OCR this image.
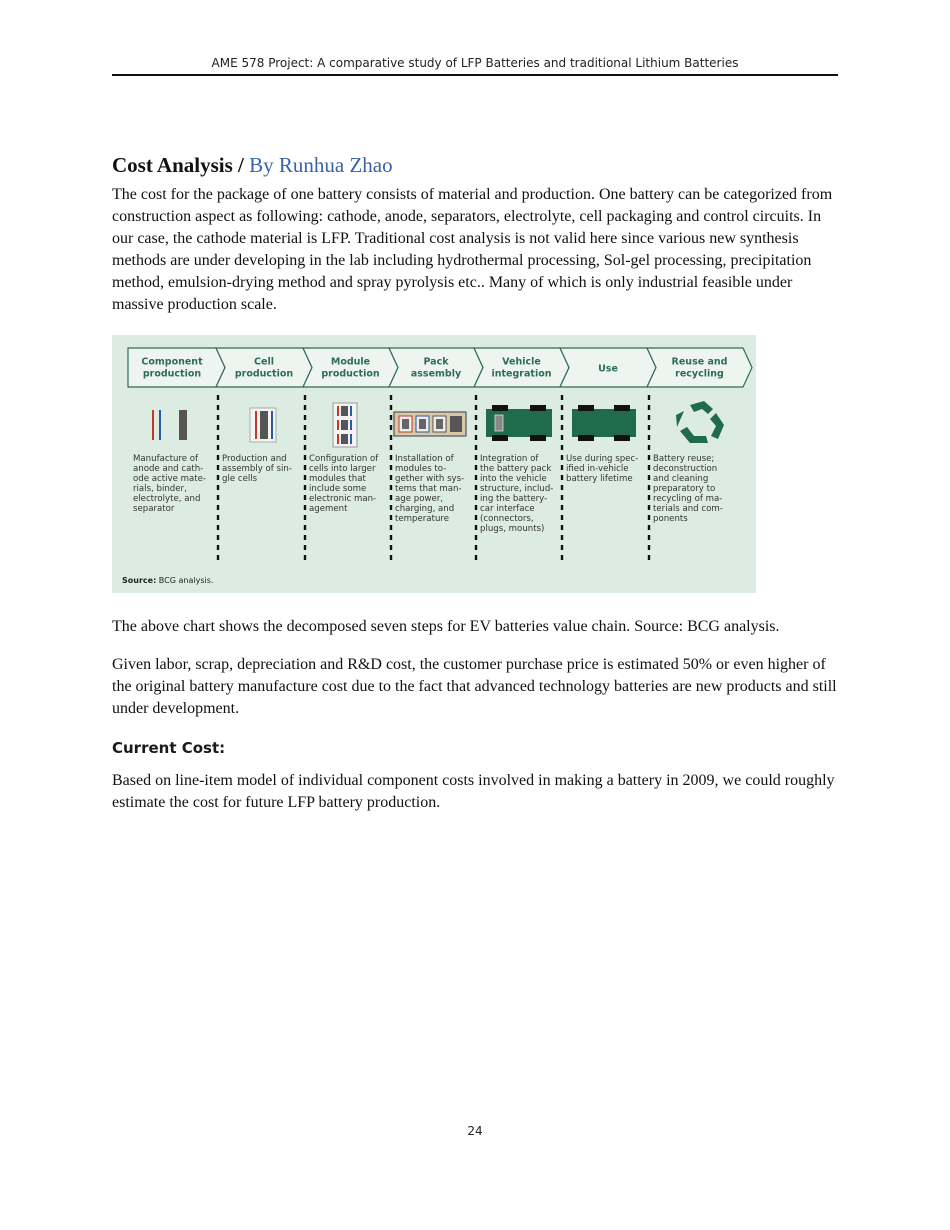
AME 578 Project: A comparative study of LFP Batteries and traditional Lithium Batteries
Cost Analysis / By Runhua Zhao

The cost for the package of one battery consists of material and production. One battery can be categorized from construction aspect as following: cathode, anode, separators, electrolyte, cell packaging and control circuits. In our case, the cathode material is LFP. Traditional cost analysis is not valid here since various new synthesis methods are under developing in the lab including hydrothermal processing, Sol-gel processing, precipitation method, emulsion-drying method and spray pyrolysis etc.. Many of which is only industrial feasible under massive production scale.

Component
production
Cell
production
Module
production
Pack
assembly
Vehicle
integration	Use
Reuse and
recycling
Manufacture of
anode and cath-
ode active mate-
rials, binder,
electrolyte, and
separator
Production and
assembly of sin-
gle cells
Configuration of
cells into larger
modules that
include some
electronic man-
agement
Installation of
modules to-
gether with sys-
tems that man-
age power,
charging, and
temperature
Integration of
the battery pack
into the vehicle
structure, includ-
ing the battery-
car interface
(connectors,
plugs, mounts)
Use during spec-
ified in-vehicle
battery lifetime
Battery reuse;
deconstruction
and cleaning
preparatory to
recycling of ma-
terials and com-
ponents
Source: BCG analysis.

The above chart shows the decomposed seven steps for EV batteries value chain. Source: BCG analysis.

Given labor, scrap, depreciation and R&D cost, the customer purchase price is estimated 50% or even higher of the original battery manufacture cost due to the fact that advanced technology batteries are new products and still under development.

Current Cost:

Based on line-item model of individual component costs involved in making a battery in 2009, we could roughly estimate the cost for future LFP battery production.

24
